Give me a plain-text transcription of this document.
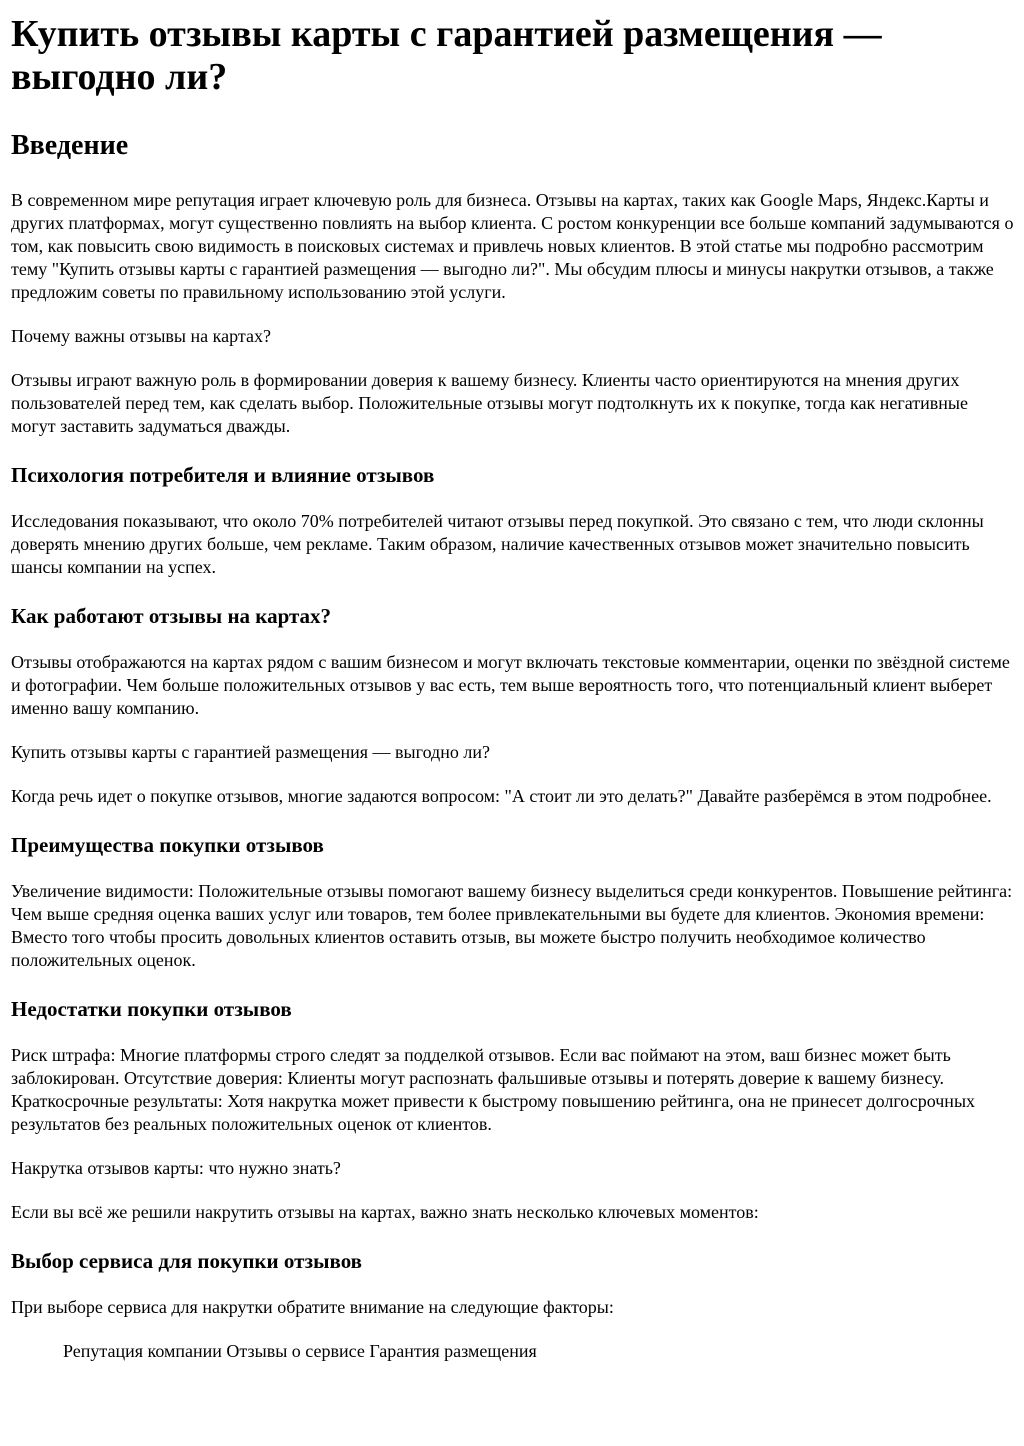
Купить отзывы карты с гарантией размещения — выгодно ли?
Введение

В современном мире репутация играет ключевую роль для бизнеса. Отзывы на картах, таких как Google Maps, Яндекс.Карты и других платформах, могут существенно повлиять на выбор клиента. С ростом конкуренции все больше компаний задумываются о том, как повысить свою видимость в поисковых системах и привлечь новых клиентов. В этой статье мы подробно рассмотрим тему "Купить отзывы карты с гарантией размещения — выгодно ли?". Мы обсудим плюсы и минусы накрутки отзывов, а также предложим советы по правильному использованию этой услуги.

Почему важны отзывы на картах?

Отзывы играют важную роль в формировании доверия к вашему бизнесу. Клиенты часто ориентируются на мнения других пользователей перед тем, как сделать выбор. Положительные отзывы могут подтолкнуть их к покупке, тогда как негативные могут заставить задуматься дважды.

Психология потребителя и влияние отзывов

Исследования показывают, что около 70% потребителей читают отзывы перед покупкой. Это связано с тем, что люди склонны доверять мнению других больше, чем рекламе. Таким образом, наличие качественных отзывов может значительно повысить шансы компании на успех.

Как работают отзывы на картах?

Отзывы отображаются на картах рядом с вашим бизнесом и могут включать текстовые комментарии, оценки по звёздной системе и фотографии. Чем больше положительных отзывов у вас есть, тем выше вероятность того, что потенциальный клиент выберет именно вашу компанию.

Купить отзывы карты с гарантией размещения — выгодно ли?

Когда речь идет о покупке отзывов, многие задаются вопросом: "А стоит ли это делать?" Давайте разберёмся в этом подробнее.

Преимущества покупки отзывов

Увеличение видимости: Положительные отзывы помогают вашему бизнесу выделиться среди конкурентов. Повышение рейтинга: Чем выше средняя оценка ваших услуг или товаров, тем более привлекательными вы будете для клиентов. Экономия времени: Вместо того чтобы просить довольных клиентов оставить отзыв, вы можете быстро получить необходимое количество положительных оценок.

Недостатки покупки отзывов

Риск штрафа: Многие платформы строго следят за подделкой отзывов. Если вас поймают на этом, ваш бизнес может быть заблокирован. Отсутствие доверия: Клиенты могут распознать фальшивые отзывы и потерять доверие к вашему бизнесу. Краткосрочные результаты: Хотя накрутка может привести к быстрому повышению рейтинга, она не принесет долгосрочных результатов без реальных положительных оценок от клиентов.

Накрутка отзывов карты: что нужно знать?

Если вы всё же решили накрутить отзывы на картах, важно знать несколько ключевых моментов:

Выбор сервиса для покупки отзывов

При выборе сервиса для накрутки обратите внимание на следующие факторы:

Репутация компании Отзывы о сервисе Гарантия размещения
